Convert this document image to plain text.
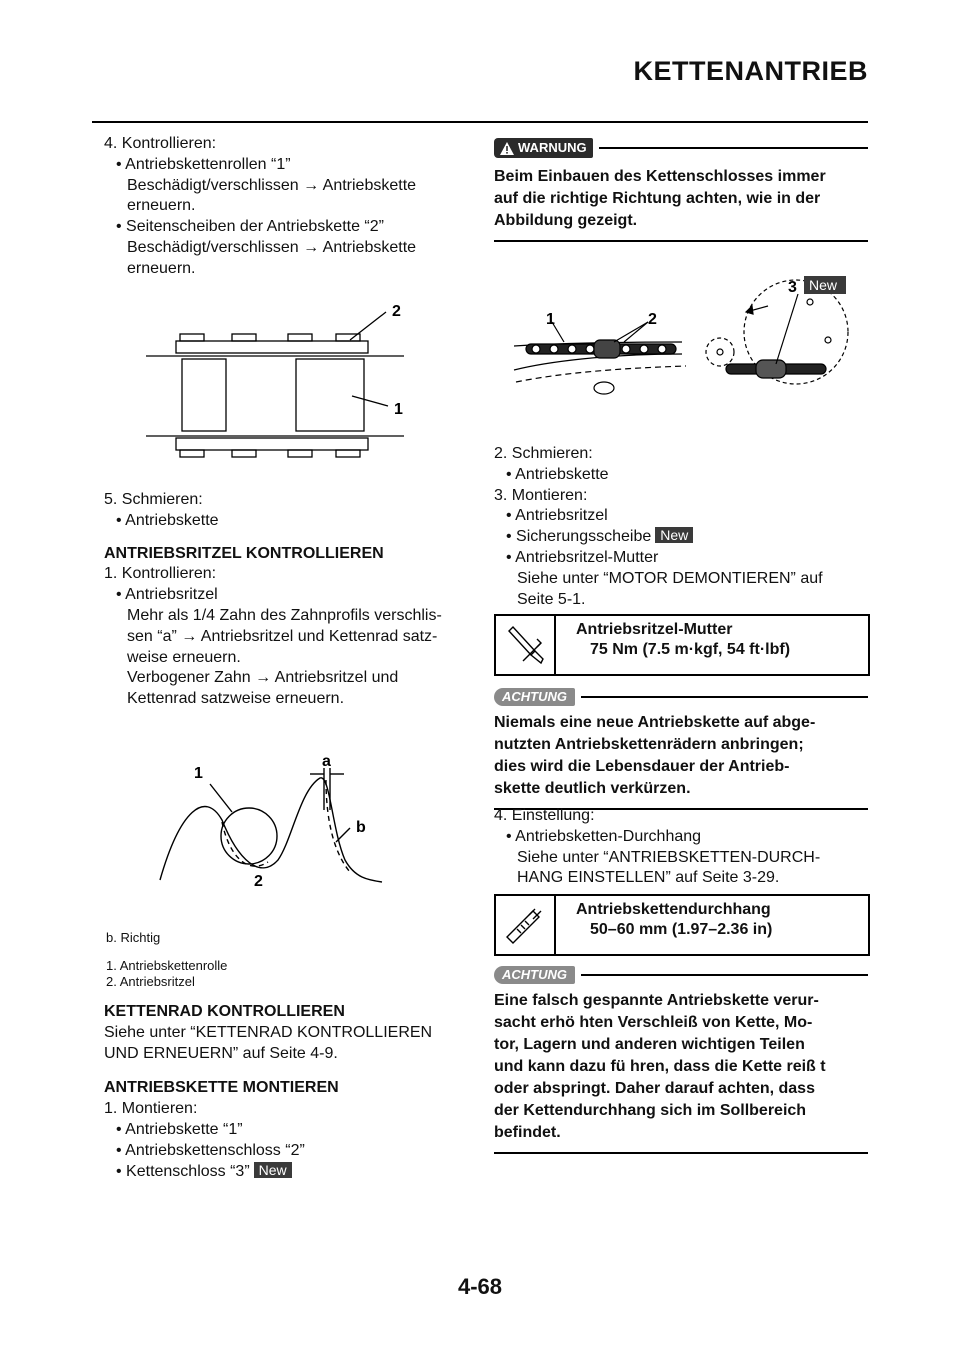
KETTENANTRIEB
4. Kontrollieren:
• Antriebskettenrollen “1”
Beschädigt/verschlissen → Antriebskette
erneuern.
• Seitenscheiben der Antriebskette “2”
Beschädigt/verschlissen → Antriebskette
erneuern.
2
1
5. Schmieren:
• Antriebskette
ANTRIEBSRITZEL KONTROLLIEREN
1. Kontrollieren:
• Antriebsritzel
Mehr als 1/4 Zahn des Zahnprofils verschlis-
sen “a” → Antriebsritzel und Kettenrad satz-
weise erneuern.
Verbogener Zahn → Antriebsritzel und
Kettenrad satzweise erneuern.
1
a
b
2
b. Richtig
1. Antriebskettenrolle
2. Antriebsritzel
KETTENRAD KONTROLLIEREN
Siehe unter “KETTENRAD KONTROLLIEREN
UND ERNEUERN” auf Seite 4-9.
ANTRIEBSKETTE MONTIEREN
1. Montieren:
• Antriebskette “1”
• Antriebskettenschloss “2”
• Kettenschloss “3” New
WARNUNG
Beim Einbauen des Kettenschlosses immer
auf die richtige Richtung achten, wie in der
Abbildung gezeigt.
1	2
3 New
2. Schmieren:
• Antriebskette
3. Montieren:
• Antriebsritzel
• Sicherungsscheibe New
• Antriebsritzel-Mutter
Siehe unter “MOTOR DEMONTIEREN” auf
Seite 5-1.
Antriebsritzel-Mutter
75 Nm (7.5 m·kgf, 54 ft·lbf)
ACHTUNG
Niemals eine neue Antriebskette auf abge-
nutzten Antriebskettenrädern anbringen;
dies wird die Lebensdauer der Antrieb-
skette deutlich verkürzen.
4. Einstellung:
• Antriebsketten-Durchhang
Siehe unter “ANTRIEBSKETTEN-DURCH-
HANG EINSTELLEN” auf Seite 3-29.
Antriebskettendurchhang
50–60 mm (1.97–2.36 in)
ACHTUNG
Eine falsch gespannte Antriebskette verur-
sacht erhö hten Verschleiß von Kette, Mo-
tor, Lagern und anderen wichtigen Teilen
und kann dazu fü hren, dass die Kette reiß t
oder abspringt. Daher darauf achten, dass
der Kettendurchhang sich im Sollbereich
befindet.
4-68
